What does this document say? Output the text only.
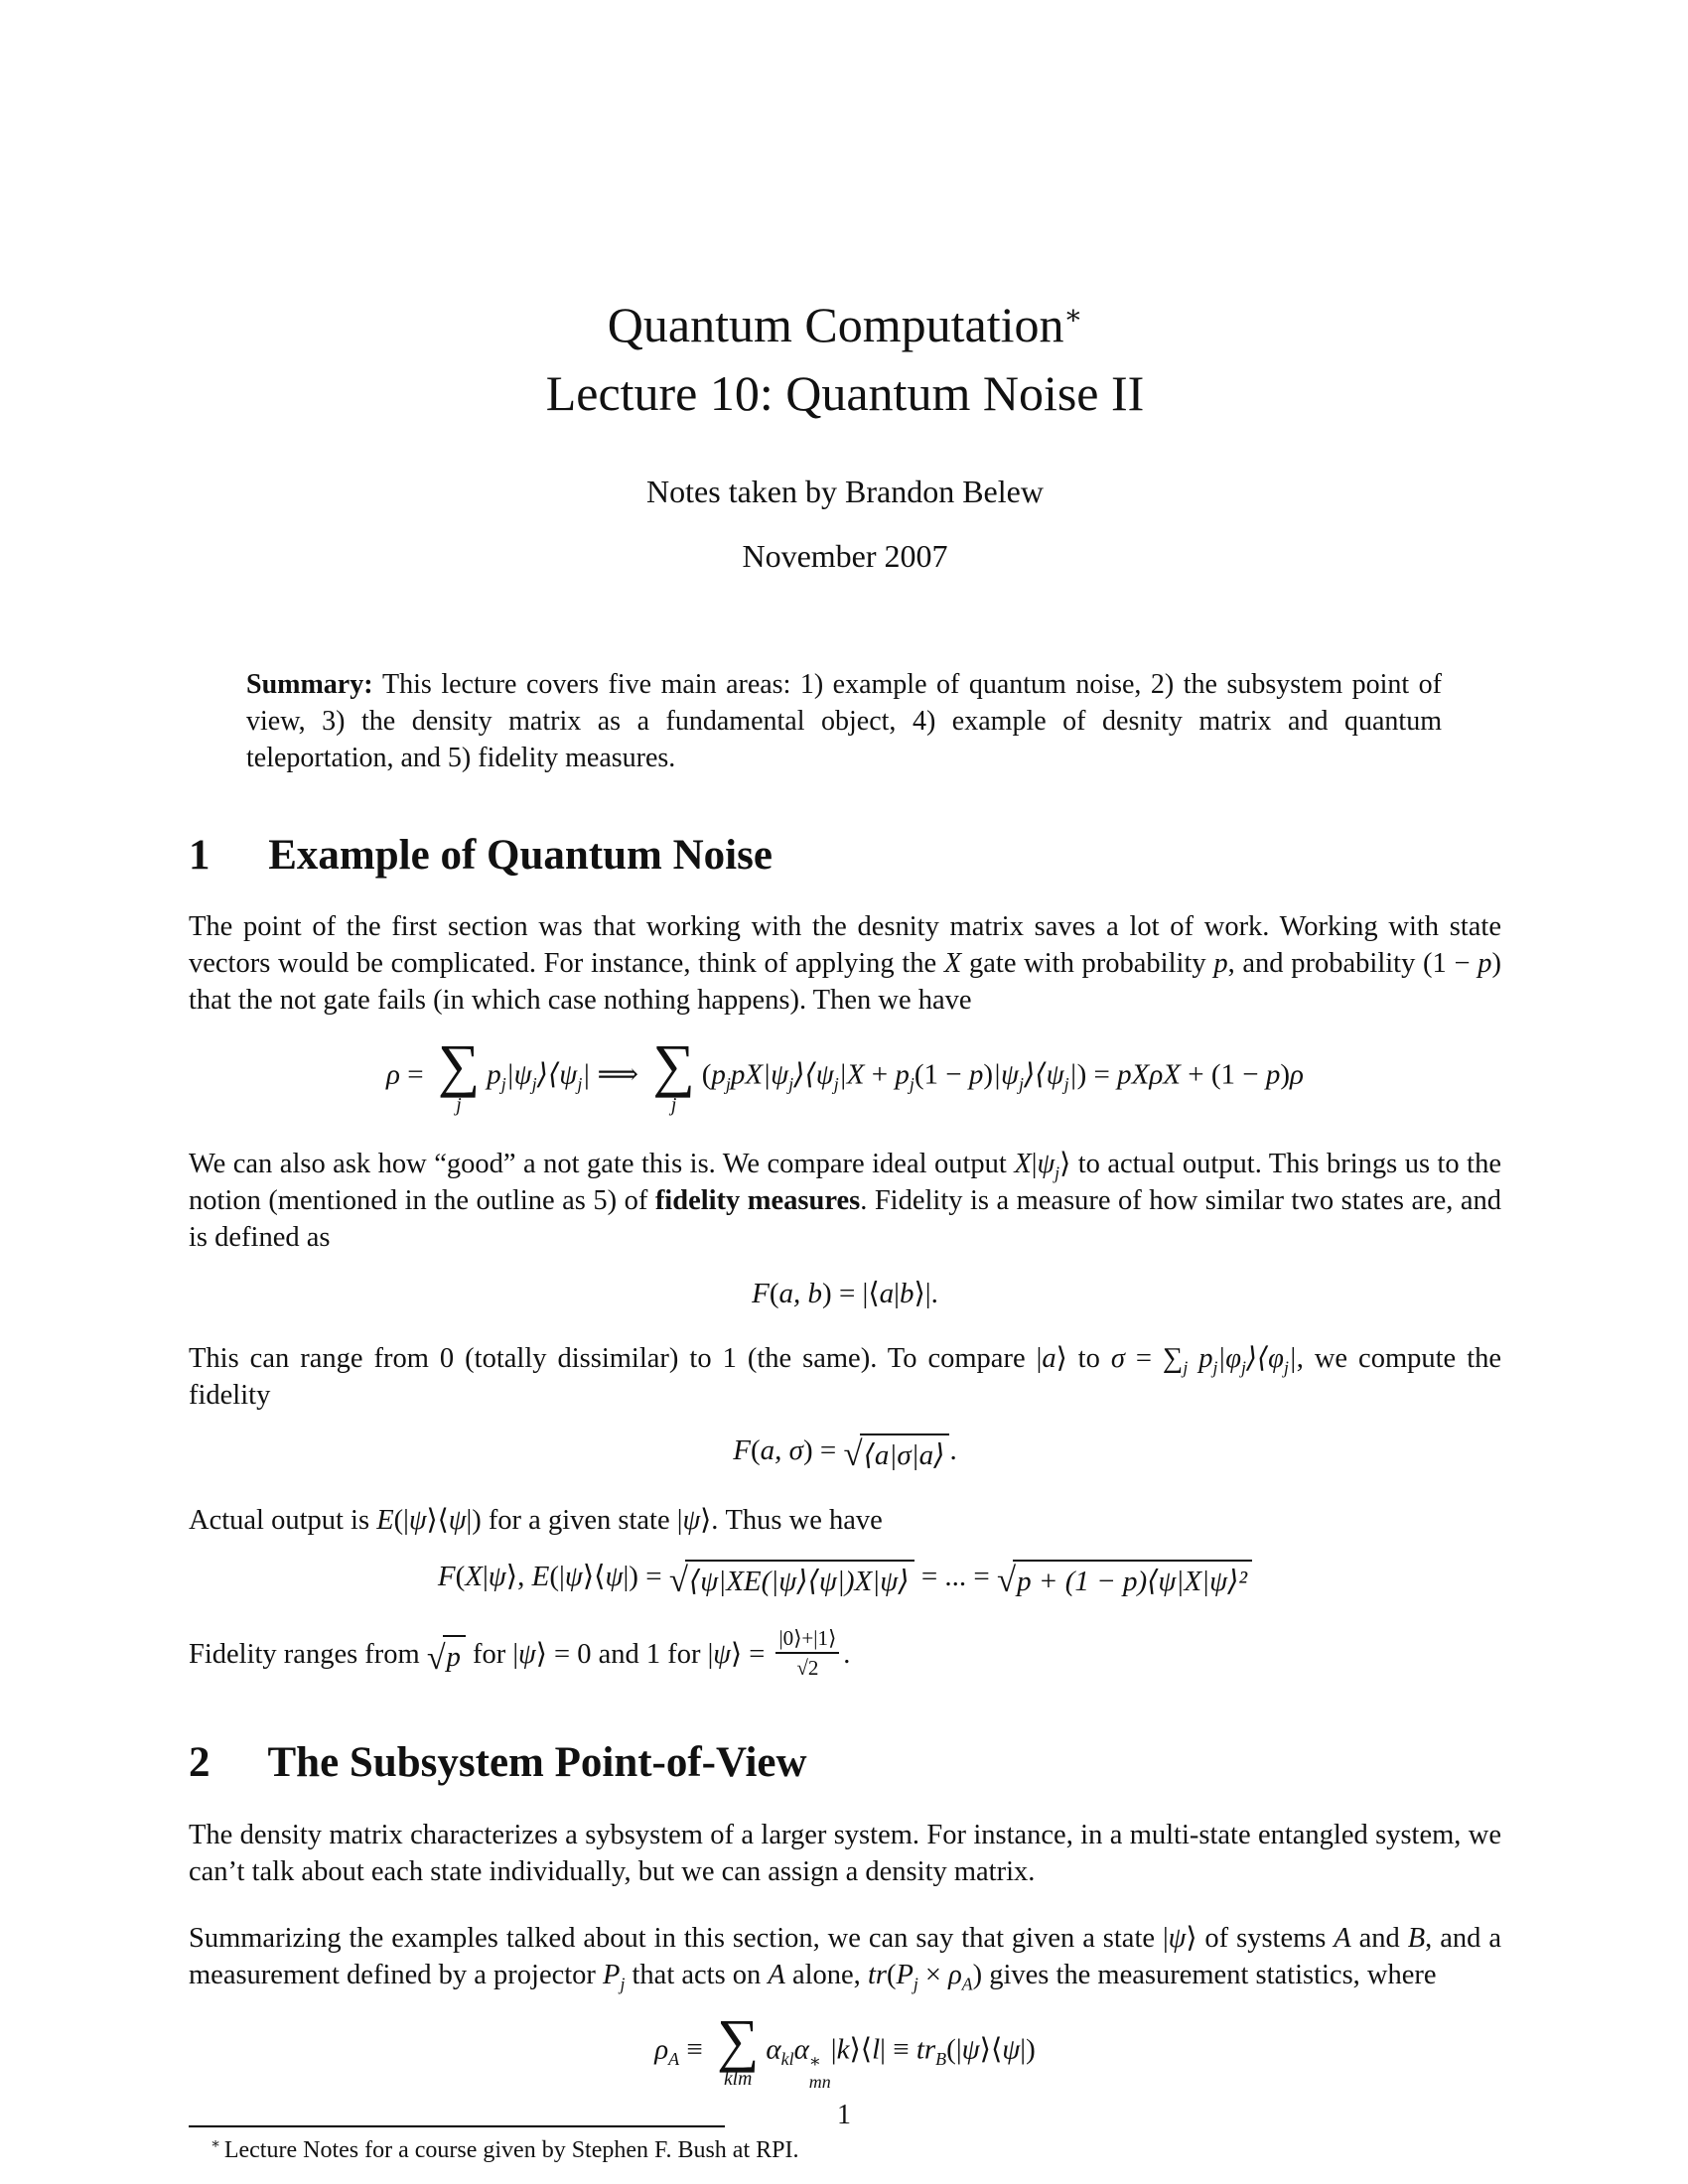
Quantum Computation∗
Lecture 10: Quantum Noise II
Notes taken by Brandon Belew
November 2007

Summary: This lecture covers five main areas: 1) example of quantum noise, 2) the subsystem point of view, 3) the density matrix as a fundamental object, 4) example of desnity matrix and quantum teleportation, and 5) fidelity measures.

1 Example of Quantum Noise

The point of the first section was that working with the desnity matrix saves a lot of work. Working with state vectors would be complicated. For instance, think of applying the X gate with probability p, and probability (1 − p) that the not gate fails (in which case nothing happens). Then we have

ρ = ∑
j
$p_j|\psi_j⟩⟨\psi_j|$ ⟹ ∑
j
($p_jpX|\psi_j⟩⟨\psi_j|X + p_j(1$ − $p)|\psi_j⟩⟨\psi_j|) = pX\rho X + (1 - p)\rho$

We can also ask how “good” a not gate this is. We compare ideal output $X|\psi_j⟩$ to actual output. This brings us to the notion (mentioned in the outline as 5) of fidelity measures. Fidelity is a measure of how similar two states are, and is defined as

F(a, b) = |⟨a|b⟩|.

This can range from 0 (totally dissimilar) to 1 (the same). To compare |a⟩ to $\sigma = \sum_j$ $p_j|\varphi_j⟩⟨\varphi_j|$, we compute the fidelity

F(a, σ) = √ ⟨a|σ|a⟩ .

Actual output is E(|ψ⟩⟨ψ|) for a given state |ψ⟩. Thus we have

F(X|ψ⟩, E(|ψ⟩⟨ψ|) = √ ⟨ψ|XE(|ψ⟩⟨ψ|)X|ψ⟩ = ... = √ p + (1 − p)⟨ψ|X|ψ⟩²

Fidelity ranges from √ p for |ψ⟩ = 0 and 1 for |ψ⟩ = $\frac{|0⟩+|1⟩}{√2}$ .

2 The Subsystem Point-of-View

The density matrix characterizes a sybsystem of a larger system. For instance, in a multi-state entangled system, we can’t talk about each state individually, but we can assign a density matrix.

Summarizing the examples talked about in this section, we can say that given a state |ψ⟩ of systems A and B, and a measurement defined by a projector $P_j$ that acts on A alone, $tr(P_j \times \rho_A)$ gives the measurement statistics, where

$\rho_A$ ≡ ∑
klm
$\alpha_{kl}\alpha$ ∗
mn
|k⟩⟨l| ≡ $tr_B(|\psi⟩⟨\psi|)$

∗ Lecture Notes for a course given by Stephen F. Bush at RPI.

1
